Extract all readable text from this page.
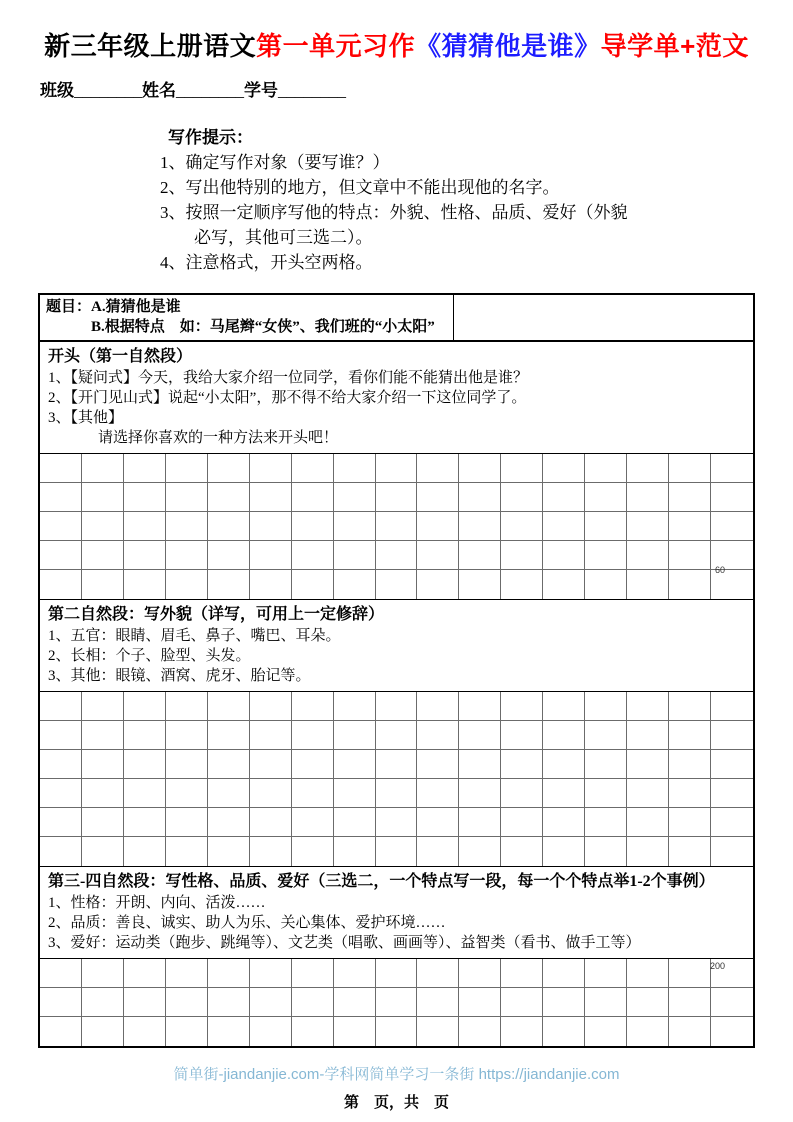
新三年级上册语文第一单元习作《猜猜他是谁》导学单+范文
班级________姓名________学号________
写作提示：
1、确定写作对象（要写谁？）
2、写出他特别的地方，但文章中不能出现他的名字。
3、按照一定顺序写他的特点：外貌、性格、品质、爱好（外貌
必写，其他可三选二）。
4、注意格式，开头空两格。
题目：A.猜猜他是谁
B.根据特点　如：马尾辫“女侠”、我们班的“小太阳”
开头（第一自然段）
1、【疑问式】今天，我给大家介绍一位同学，看你们能不能猜出他是谁？
2、【开门见山式】说起“小太阳”，那不得不给大家介绍一下这位同学了。
3、【其他】
请选择你喜欢的一种方法来开头吧！
60
第二自然段：写外貌（详写，可用上一定修辞）
1、五官：眼睛、眉毛、鼻子、嘴巴、耳朵。
2、长相：个子、脸型、头发。
3、其他：眼镜、酒窝、虎牙、胎记等。
第三-四自然段：写性格、品质、爱好（三选二，一个特点写一段，每一个个特点举1-2个事例）
1、性格：开朗、内向、活泼……
2、品质：善良、诚实、助人为乐、关心集体、爱护环境……
3、爱好：运动类（跑步、跳绳等）、文艺类（唱歌、画画等）、益智类（看书、做手工等）
200
简单街-jiandanjie.com-学科网简单学习一条街 https://jiandanjie.com
第　页，共　页
